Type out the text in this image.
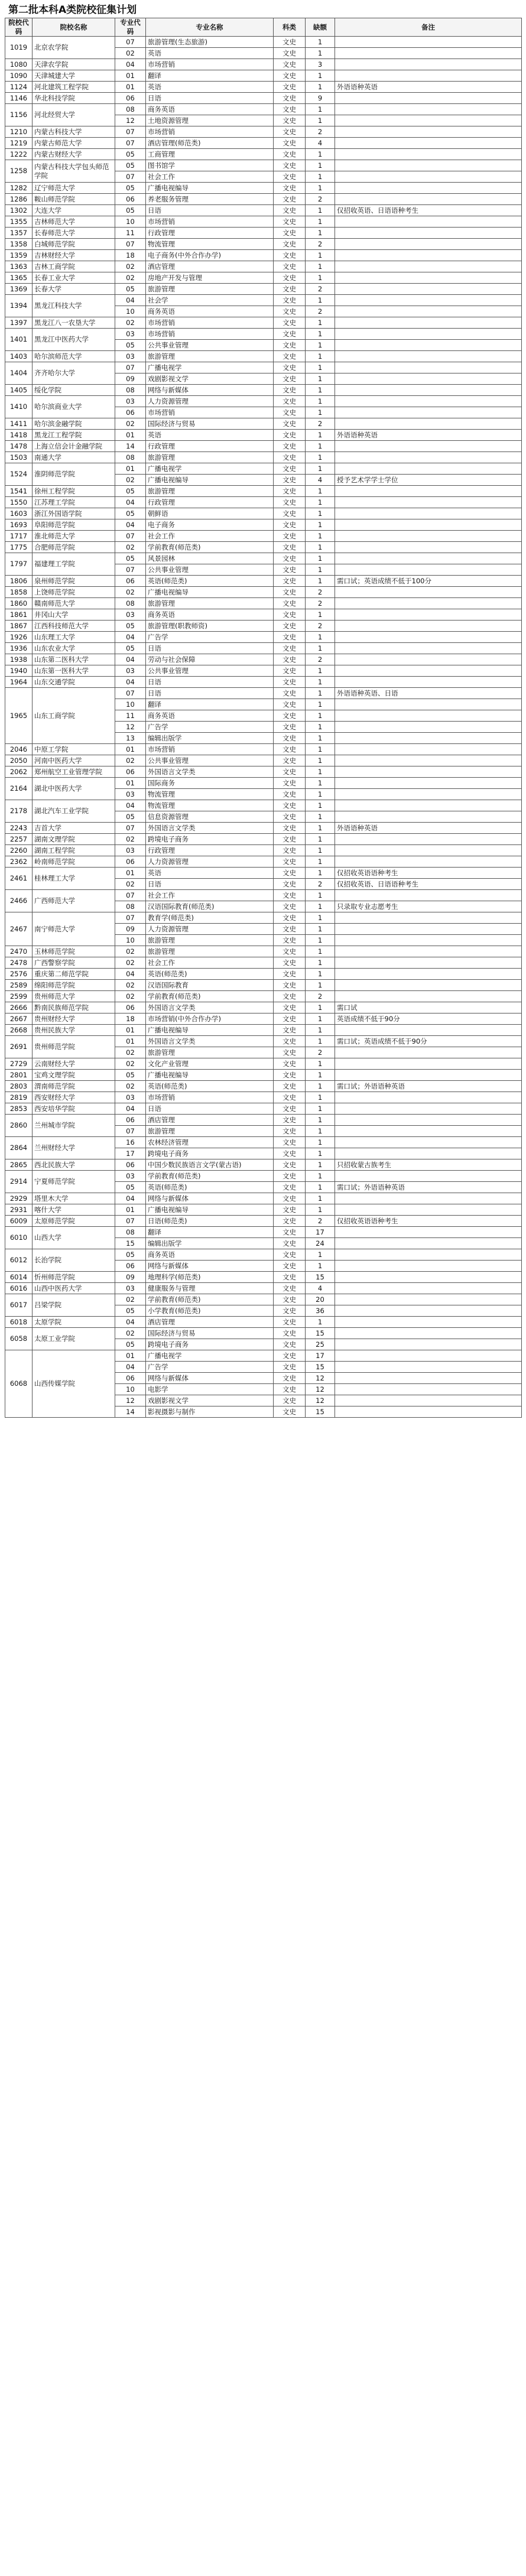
第二批本科A类院校征集计划
院校代码	院校名称	专业代码	专业名称	科类	缺额	备注
1019	北京农学院	07	旅游管理(生态旅游)	文史	1	
		02	英语	文史	1	
1080	天津农学院	04	市场营销	文史	3	
1090	天津城建大学	01	翻译	文史	1	
1124	河北建筑工程学院	01	英语	文史	1	外语语种英语
1146	华北科技学院	06	日语	文史	9	
1156	河北经贸大学	08	商务英语	文史	1	
		12	土地资源管理	文史	1	
1210	内蒙古科技大学	07	市场营销	文史	2	
1219	内蒙古师范大学	07	酒店管理(师范类)	文史	4	
1222	内蒙古财经大学	05	工商管理	文史	1	
1258	内蒙古科技大学包头师范学院	05	图书馆学	文史	1	
		07	社会工作	文史	1	
1282	辽宁师范大学	05	广播电视编导	文史	1	
1286	鞍山师范学院	06	养老服务管理	文史	2	
1302	大连大学	05	日语	文史	1	仅招收英语、日语语种考生
1355	吉林师范大学	10	市场营销	文史	1	
1357	长春师范大学	11	行政管理	文史	1	
1358	白城师范学院	07	物流管理	文史	2	
1359	吉林财经大学	18	电子商务(中外合作办学)	文史	1	
1363	吉林工商学院	02	酒店管理	文史	1	
1365	长春工业大学	02	房地产开发与管理	文史	1	
1369	长春大学	05	旅游管理	文史	2	
1394	黑龙江科技大学	04	社会学	文史	1	
		10	商务英语	文史	2	
1397	黑龙江八一农垦大学	02	市场营销	文史	1	
1401	黑龙江中医药大学	03	市场营销	文史	1	
		05	公共事业管理	文史	1	
1403	哈尔滨师范大学	03	旅游管理	文史	1	
1404	齐齐哈尔大学	07	广播电视学	文史	1	
		09	戏剧影视文学	文史	1	
1405	绥化学院	08	网络与新媒体	文史	1	
1410	哈尔滨商业大学	03	人力资源管理	文史	1	
		06	市场营销	文史	1	
1411	哈尔滨金融学院	02	国际经济与贸易	文史	2	
1418	黑龙江工程学院	01	英语	文史	1	外语语种英语
1478	上海立信会计金融学院	14	行政管理	文史	1	
1503	南通大学	08	旅游管理	文史	1	
1524	淮阴师范学院	01	广播电视学	文史	1	
		02	广播电视编导	文史	4	授予艺术学学士学位
1541	徐州工程学院	05	旅游管理	文史	1	
1550	江苏理工学院	04	行政管理	文史	1	
1603	浙江外国语学院	05	朝鲜语	文史	1	
1693	阜阳师范学院	04	电子商务	文史	1	
1717	淮北师范大学	07	社会工作	文史	1	
1775	合肥师范学院	02	学前教育(师范类)	文史	1	
1797	福建理工学院	05	风景园林	文史	1	
		07	公共事业管理	文史	1	
1806	泉州师范学院	06	英语(师范类)	文史	1	需口试；英语成绩不低于100分
1858	上饶师范学院	02	广播电视编导	文史	2	
1860	赣南师范大学	08	旅游管理	文史	2	
1861	井冈山大学	03	商务英语	文史	1	
1867	江西科技师范大学	05	旅游管理(职教师资)	文史	2	
1926	山东理工大学	04	广告学	文史	1	
1936	山东农业大学	05	日语	文史	1	
1938	山东第二医科大学	04	劳动与社会保障	文史	2	
1940	山东第一医科大学	03	公共事业管理	文史	1	
1964	山东交通学院	04	日语	文史	1	
1965	山东工商学院	07	日语	文史	1	外语语种英语、日语
		10	翻译	文史	1	
		11	商务英语	文史	1	
		12	广告学	文史	1	
		13	编辑出版学	文史	1	
2046	中原工学院	01	市场营销	文史	1	
2050	河南中医药大学	02	公共事业管理	文史	1	
2062	郑州航空工业管理学院	06	外国语言文学类	文史	1	
2164	湖北中医药大学	01	国际商务	文史	1	
		03	物流管理	文史	1	
2178	湖北汽车工业学院	04	物流管理	文史	1	
		05	信息资源管理	文史	1	
2243	吉首大学	07	外国语言文学类	文史	1	外语语种英语
2257	湖南文理学院	02	跨境电子商务	文史	1	
2260	湖南工程学院	03	行政管理	文史	1	
2362	岭南师范学院	06	人力资源管理	文史	1	
2461	桂林理工大学	01	英语	文史	1	仅招收英语语种考生
		02	日语	文史	2	仅招收英语、日语语种考生
2466	广西师范大学	07	社会工作	文史	1	
		08	汉语国际教育(师范类)	文史	1	只录取专业志愿考生
2467	南宁师范大学	07	教育学(师范类)	文史	1	
		09	人力资源管理	文史	1	
		10	旅游管理	文史	1	
2470	玉林师范学院	02	旅游管理	文史	1	
2478	广西警察学院	02	社会工作	文史	1	
2576	重庆第二师范学院	04	英语(师范类)	文史	1	
2589	绵阳师范学院	02	汉语国际教育	文史	1	
2599	贵州师范大学	02	学前教育(师范类)	文史	2	
2666	黔南民族师范学院	06	外国语言文学类	文史	1	需口试
2667	贵州财经大学	18	市场营销(中外合作办学)	文史	1	英语成绩不低于90分
2668	贵州民族大学	01	广播电视编导	文史	1	
2691	贵州师范学院	01	外国语言文学类	文史	1	需口试；英语成绩不低于90分
		02	旅游管理	文史	2	
2729	云南财经大学	02	文化产业管理	文史	1	
2801	宝鸡文理学院	05	广播电视编导	文史	1	
2803	渭南师范学院	02	英语(师范类)	文史	1	需口试；外语语种英语
2819	西安财经大学	03	市场营销	文史	1	
2853	西安培华学院	04	日语	文史	1	
2860	兰州城市学院	06	酒店管理	文史	1	
		07	旅游管理	文史	1	
2864	兰州财经大学	16	农林经济管理	文史	1	
		17	跨境电子商务	文史	1	
2865	西北民族大学	06	中国少数民族语言文学(蒙古语)	文史	1	只招收蒙古族考生
2914	宁夏师范学院	03	学前教育(师范类)	文史	1	
		05	英语(师范类)	文史	1	需口试；外语语种英语
2929	塔里木大学	04	网络与新媒体	文史	1	
2931	喀什大学	01	广播电视编导	文史	1	
6009	太原师范学院	07	日语(师范类)	文史	2	仅招收英语语种考生
6010	山西大学	08	翻译	文史	17	
		15	编辑出版学	文史	24	
6012	长治学院	05	商务英语	文史	1	
		06	网络与新媒体	文史	1	
6014	忻州师范学院	09	地理科学(师范类)	文史	15	
6016	山西中医药大学	03	健康服务与管理	文史	4	
6017	吕梁学院	02	学前教育(师范类)	文史	20	
		05	小学教育(师范类)	文史	36	
6018	太原学院	04	酒店管理	文史	1	
6058	太原工业学院	02	国际经济与贸易	文史	15	
		05	跨境电子商务	文史	25	
6068	山西传媒学院	01	广播电视学	文史	17	
		04	广告学	文史	15	
		06	网络与新媒体	文史	12	
		10	电影学	文史	12	
		12	戏剧影视文学	文史	12	
		14	影视摄影与制作	文史	15	
